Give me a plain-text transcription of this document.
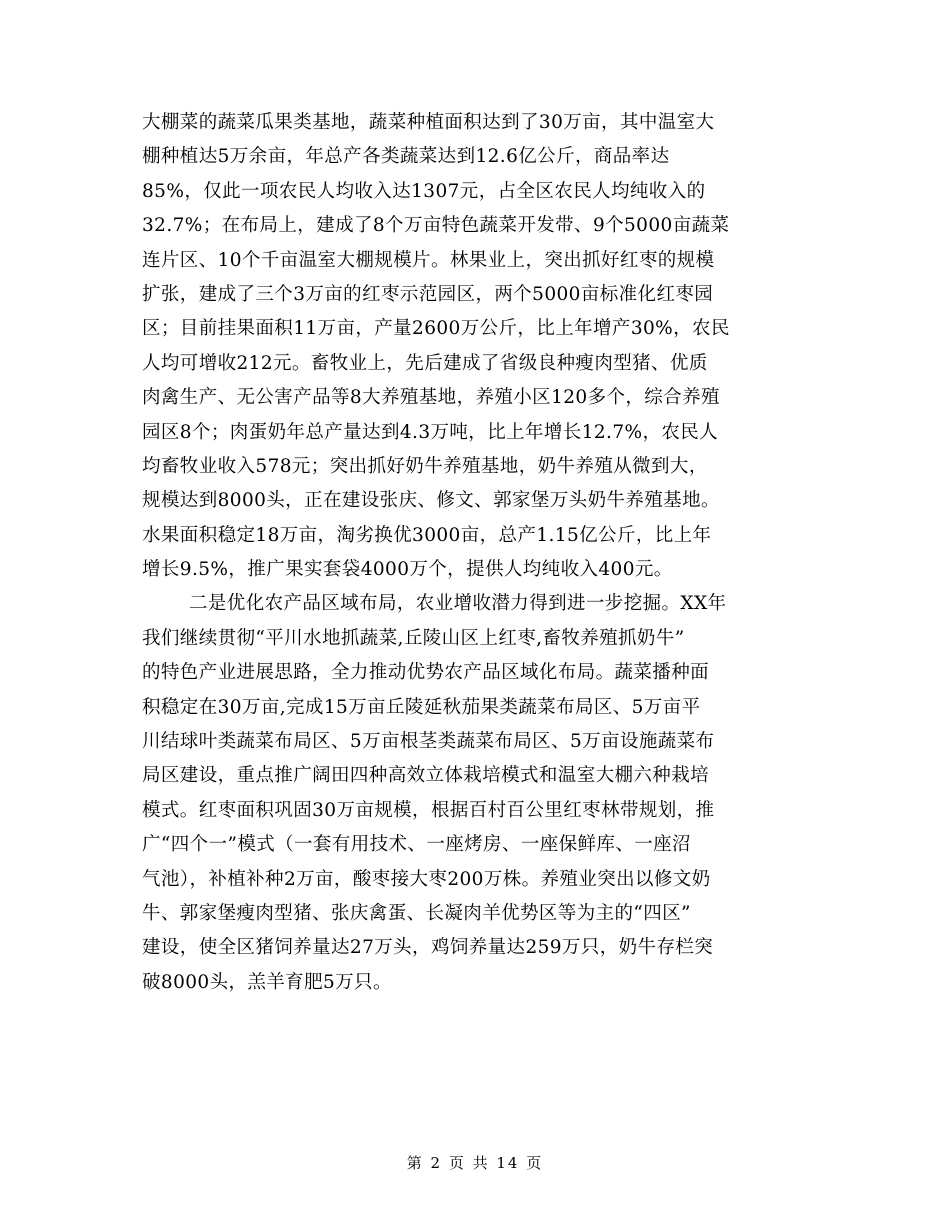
大棚菜的蔬菜瓜果类基地，蔬菜种植面积达到了30万亩，其中温室大
棚种植达5万余亩，年总产各类蔬菜达到12.6亿公斤，商品率达
85%，仅此一项农民人均收入达1307元，占全区农民人均纯收入的
32.7%；在布局上，建成了8个万亩特色蔬菜开发带、9个5000亩蔬菜
连片区、10个千亩温室大棚规模片。林果业上，突出抓好红枣的规模
扩张，建成了三个3万亩的红枣示范园区，两个5000亩标准化红枣园
区；目前挂果面积11万亩，产量2600万公斤，比上年增产30%，农民
人均可增收212元。畜牧业上，先后建成了省级良种瘦肉型猪、优质
肉禽生产、无公害产品等8大养殖基地，养殖小区120多个，综合养殖
园区8个；肉蛋奶年总产量达到4.3万吨，比上年增长12.7%，农民人
均畜牧业收入578元；突出抓好奶牛养殖基地，奶牛养殖从微到大，
规模达到8000头，正在建设张庆、修文、郭家堡万头奶牛养殖基地。
水果面积稳定18万亩，淘劣换优3000亩，总产1.15亿公斤，比上年
增长9.5%，推广果实套袋4000万个，提供人均纯收入400元。
二是优化农产品区域布局，农业增收潜力得到进一步挖掘。XX年
我们继续贯彻“平川水地抓蔬菜,丘陵山区上红枣,畜牧养殖抓奶牛”
的特色产业进展思路，全力推动优势农产品区域化布局。蔬菜播种面
积稳定在30万亩,完成15万亩丘陵延秋茄果类蔬菜布局区、5万亩平
川结球叶类蔬菜布局区、5万亩根茎类蔬菜布局区、5万亩设施蔬菜布
局区建设，重点推广阔田四种高效立体栽培模式和温室大棚六种栽培
模式。红枣面积巩固30万亩规模，根据百村百公里红枣林带规划，推
广“四个一”模式（一套有用技术、一座烤房、一座保鲜库、一座沼
气池），补植补种2万亩，酸枣接大枣200万株。养殖业突出以修文奶
牛、郭家堡瘦肉型猪、张庆禽蛋、长凝肉羊优势区等为主的“四区”
建设，使全区猪饲养量达27万头，鸡饲养量达259万只，奶牛存栏突
破8000头，羔羊育肥5万只。
第 2 页 共 14 页
